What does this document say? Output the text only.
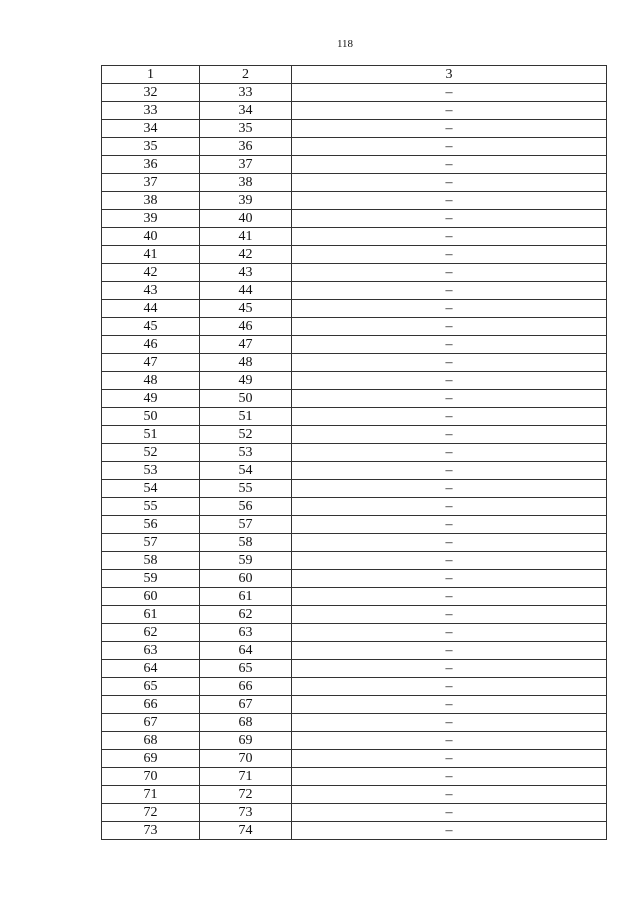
118
1	2	3
32	33	–
33	34	–
34	35	–
35	36	–
36	37	–
37	38	–
38	39	–
39	40	–
40	41	–
41	42	–
42	43	–
43	44	–
44	45	–
45	46	–
46	47	–
47	48	–
48	49	–
49	50	–
50	51	–
51	52	–
52	53	–
53	54	–
54	55	–
55	56	–
56	57	–
57	58	–
58	59	–
59	60	–
60	61	–
61	62	–
62	63	–
63	64	–
64	65	–
65	66	–
66	67	–
67	68	–
68	69	–
69	70	–
70	71	–
71	72	–
72	73	–
73	74	–
